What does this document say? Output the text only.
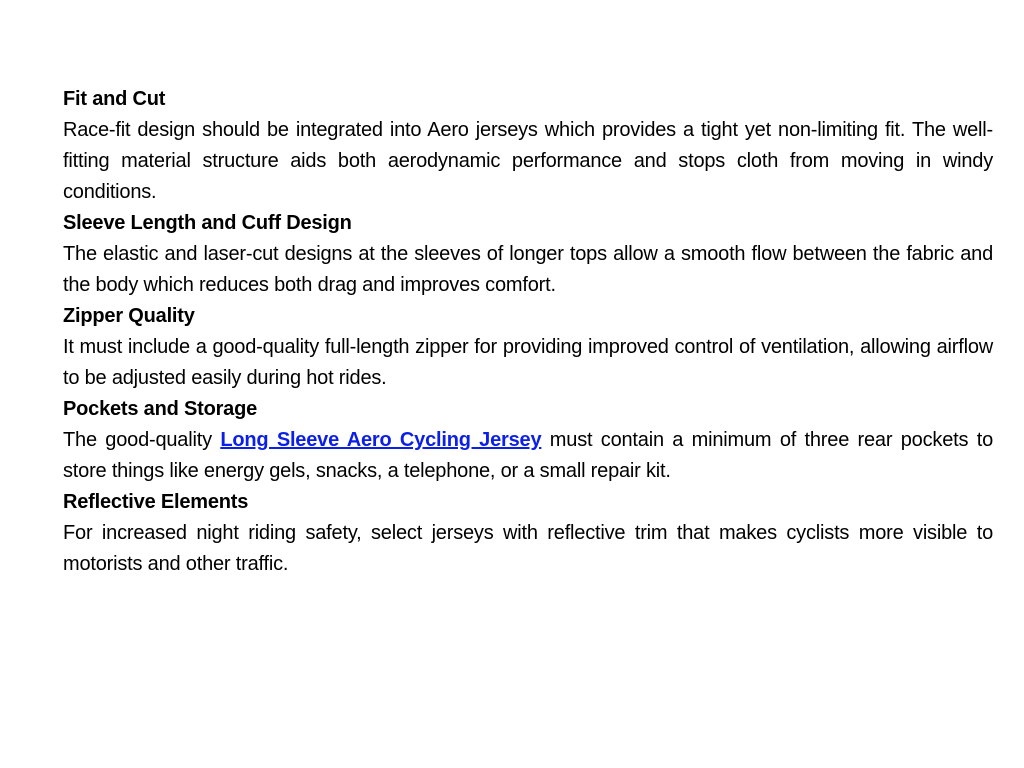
Fit and Cut
Race-fit design should be integrated into Aero jerseys which provides a tight yet non-limiting fit. The well-fitting material structure aids both aerodynamic performance and stops cloth from moving in windy conditions.
Sleeve Length and Cuff Design
The elastic and laser-cut designs at the sleeves of longer tops allow a smooth flow between the fabric and the body which reduces both drag and improves comfort.
Zipper Quality
It must include a good-quality full-length zipper for providing improved control of ventilation, allowing airflow to be adjusted easily during hot rides.
Pockets and Storage
The good-quality Long Sleeve Aero Cycling Jersey must contain a minimum of three rear pockets to store things like energy gels, snacks, a telephone, or a small repair kit.
Reflective Elements
For increased night riding safety, select jerseys with reflective trim that makes cyclists more visible to motorists and other traffic.
